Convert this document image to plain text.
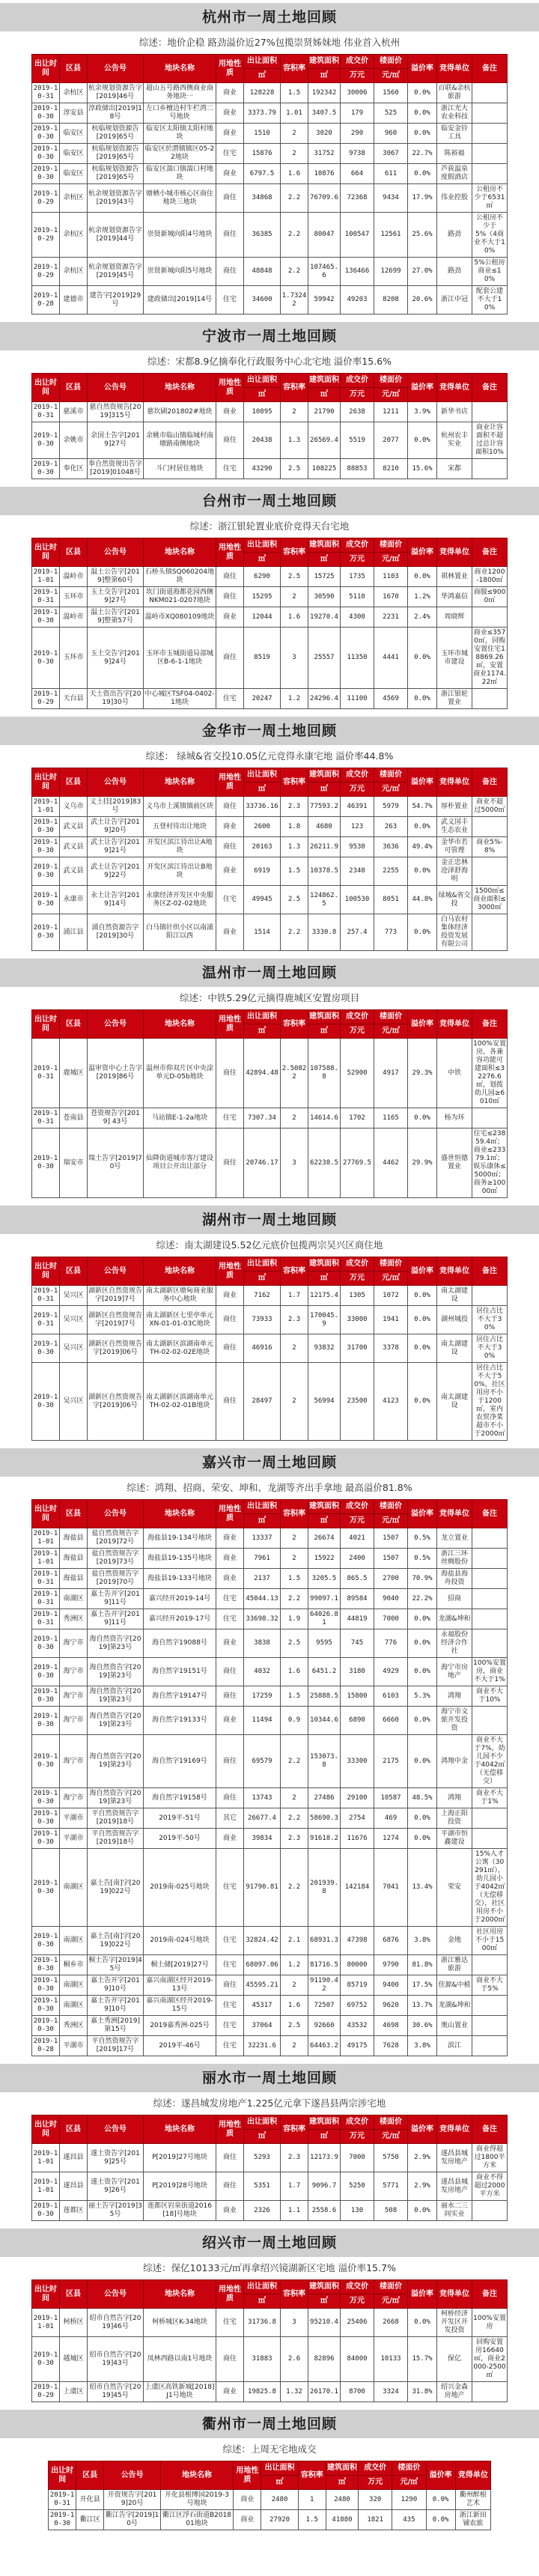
杭州市一周土地回顾
综述：地价企稳 路劲溢价近27%包揽崇贤姊妹地 伟业首入杭州
出让时间	区县	公告号	地块名称	用地性质	出让面积	容积率	建筑面积	成交价	楼面价	溢价率	竞得单位	备注
					㎡		㎡	万元	元/㎡			
2019-10-31	余杭区	杭余规划资源告字[2019]46号	超山五号路西侧商业商务地块一	商业	128228	1.5	192342	30006	1560	0.0%	百联&余杭旅游	
2019-10-30	淳安县	淳政储出[2019]18号	左口乡檀边村牛栏湾二号地块	商业	3373.79	1.01	3407.5	179	525	0.0%	浙江光大农业科技	
2019-10-30	临安区	杭临规划资源告[2019]65号	临安区太阳镇太阳村地块	商业	1510	2	3020	290	960	0.0%	临安金铃工具	
2019-10-30	临安区	杭临规划资源告[2019]65号	临安区於潜镇镇区05-22地块	住宅	15876	2	31752	9738	3067	22.7%	陈裕福	
2019-10-30	临安区	杭临规划资源告[2019]65号	临安区湍口镇湍口村地块	商业	6797.5	1.6	10876	664	611	0.0%	芦荻温泉度假酒店	
2019-10-29	余杭区	杭余规划资源告字[2019]43号	塘栖小城市核心区商住地块三地块	商住	34868	2.2	76709.6	72368	9434	17.9%	伟业控股	公租房不少于6531㎡
2019-10-29	余杭区	杭余规划资源告字[2019]44号	崇贤新城向阳4号地块	商住	36385	2.2	80047	100547	12561	25.6%	路劲	公租房不少于5%（4商业不大于10%
2019-10-29	余杭区	杭余规划资源告字[2019]45号	崇贤新城向阳5号地块	商住	48848	2.2	107465.6	136466	12699	27.0%	路劲	5%公租房商业≤10%
2019-10-28	建德市	建告字[2019]29号	建政储出[2019]14号	住宅	34600	1.73242	59942	49203	8208	20.6%	浙江中冠	配套公建不大于10%
宁波市一周土地回顾
综述：宋都8.9亿摘奉化行政服务中心北宅地 溢价率15.6%
出让时间	区县	公告号	地块名称	用地性质	出让面积	容积率	建筑面积	成交价	楼面价	溢价率	竞得单位	备注
					㎡		㎡	万元	元/㎡			
2019-10-31	慈溪市	慈自然资规告[2019]315号	慈坎刷201802#地块	商业	10895	2	21790	2638	1211	3.9%	新华书店	
2019-10-30	余姚市	余国土告字[2019]27号	余姚市临山镇临城村南塘路南侧地块	商住	20438	1.3	26569.4	5519	2077	0.0%	杭州农丰实业	商业计容面积不超过总计容面积10%
2019-10-30	奉化区	奉自然资规出告字[2019]01048号	斗门村居住地块	住宅	43290	2.5	108225	88853	8210	15.6%	宋都	
台州市一周土地回顾
综述：浙江银轮置业底价竞得天台宅地
出让时间	区县	公告号	地块名称	用地性质	出让面积	容积率	建筑面积	成交价	楼面价	溢价率	竞得单位	备注
					㎡		㎡	万元	元/㎡			
2019-11-01	温岭市	温土公告字[2019]整第60号	石桥头镇SQ060204地块	商住	6290	2.5	15725	1735	1103	0.0%	祺林置业	商业1200-1800㎡
2019-10-31	玉环市	玉土交告字[2019]27号	坎门街道海都花园西侧NKM021-0207地块	商住	15295	2	30590	5110	1670	1.2%	华鸿嘉信	商服≤9000㎡
2019-10-30	温岭市	温土公告字[2019]整第57号	温岭市XQ080109地块	商业	12044	1.6	19270.4	4300	2231	2.4%	周晓辉	
2019-10-30	玉环市	玉土交告字[2019]24号	玉环市玉城街道局部城区B-6-1-1地块	商住	8519	3	25557	11350	4441	0.0%	玉环市城市建设	商业≤3570㎡，回购安置住宅18869.26㎡，安置商业1174.22㎡
2019-10-29	天台县	天土资出告字[2019]30号	中心城区TSF04-0402-1地块	住宅	20247	1.2	24296.4	11100	4569	0.0%	浙江银轮置业	
金华市一周土地回顾
综述： 绿城&省交投10.05亿元竞得永康宅地 溢价率44.8%
出让时间	区县	公告号	地块名称	用地性质	出让面积	容积率	建筑面积	成交价	楼面价	溢价率	竞得单位	备注
					㎡		㎡	万元	元/㎡			
2019-11-01	义乌市	义土挂[2019]83号	义乌市上溪镇镇前区块	商住	33736.16	2.3	77593.2	46391	5979	54.7%	厚朴置业	商业不超过5000㎡
2019-10-30	武义县	武土让告字[2019]20号	五登村待出让地块	商业	2600	1.8	4680	123	263	0.0%	武义国丰生态农业	
2019-10-30	武义县	武土让告字[2019]21号	开发区滨江待出让A地块	商住	20163	1.3	26211.9	9530	3636	49.4%	金华市若可管理	商业5%-8%
2019-10-30	武义县	武土让告字[2019]22号	开发区滨江待出让B地块	商业	6919	1.5	10378.5	2340	2255	0.0%	金正忠林沧泽舒海明	
2019-10-30	永康市	永土让告字[2019]14号	永康经济开发区中央服务区Z-02-02地块	住宅	49945	2.5	124862.5	100530	8051	44.8%	绿城&省交投	1500㎡≤商业面积≤3000㎡
2019-10-30	浦江县	浦自然资源告字[2019]30号	白马镇针织小区以南浦阳江以西	商业	1514	2.2	3330.8	257.4	773	0.0%	白马农村集体经济投资发展有限公司	
温州市一周土地回顾
综述：中铁5.29亿元摘得鹿城区安置房项目
出让时间	区县	公告号	地块名称	用地性质	出让面积	容积率	建筑面积	成交价	楼面价	溢价率	竞得单位	备注
					㎡		㎡	万元	元/㎡			
2019-10-31	鹿城区	温审资中心土告字[2019]86号	温州市仰双片区中央涂单元D-05b地块	商住	42894.48	2.50822	107588.8	52900	4917	29.3%	中铁	100%安置房，各兼容功能可建面积≤32276.6㎡，划拨幼儿园≥6010㎡
2019-10-31	苍南县	苍资规告字[2019] 43号	马站镇E-1-2a地块	住宅	7307.34	2	14614.6	1702	1165	0.0%	杨为环	
2019-10-30	瑞安市	瑞土告字[2019]70号	仙降街道城市客厅建设项目公开出让部分	商住	20746.17	3	62238.5	27769.5	4462	29.9%	盛世恒德置业	住宅≤23859.4㎡；商业≤23379.1㎡；娱乐康体≤5000㎡；商务≥10000㎡
湖州市一周土地回顾
综述：南太湖建设5.52亿元底价包揽两宗吴兴区商住地
出让时间	区县	公告号	地块名称	用地性质	出让面积	容积率	建筑面积	成交价	楼面价	溢价率	竞得单位	备注
					㎡		㎡	万元	元/㎡			
2019-10-31	吴兴区	湖新区自然资规告字[2019]7号	南太湖新区塘甸商业服务中心地块	商业	7162	1.7	12175.4	1305	1072	0.0%	南太湖建设	
2019-10-31	吴兴区	湖新区自然资规告字[2019]7号	南太湖新区七里亭单元XN-01-01-03C地块	商住	73933	2.3	170045.9	33000	1941	0.0%	湖州城投	居住占比不大于30%
2019-10-30	吴兴区	湖新区自然资规告字[2019]06号	南太湖新区滨湖南单元TH-02-02-02E地块	商住	46916	2	93832	31700	3378	0.0%	南太湖建设	居住占比不大于30%
2019-10-30	吴兴区	湖新区自然资规告字[2019]06号	南太湖新区滨湖南单元TH-02-02-01B地块	商住	28497	2	56994	23500	4123	0.0%	南太湖建设	居住占比不大于50%，社区用房不小于1200㎡，室内农贸净菜超市不小于2000㎡
嘉兴市一周土地回顾
综述：鸿翔、招商、荣安、坤和、龙湖等齐出手拿地 最高溢价81.8%
出让时间	区县	公告号	地块名称	用地性质	出让面积	容积率	建筑面积	成交价	楼面价	溢价率	竞得单位	备注
					㎡		㎡	万元	元/㎡			
2019-11-01	海盐县	盐自然资规告字[2019]72号	海盐县19-134号地块	商业	13337	2	26674	4021	1507	0.5%	龙立置业	
2019-11-01	海盐县	盐自然资规告字[2019]73号	海盐县19-135号地块	商业	7961	2	15922	2400	1507	0.5%	浙江三环丝绸股份	
2019-10-31	海盐县	盐自然资规告字[2019]70号	海盐县19-133号地块	商业	2137	1.5	3205.5	865.5	2700	70.9%	海盐县海舟投资	
2019-10-31	南湖区	嘉土告开字[2019]11号	嘉兴经开2019-14号	住宅	45044.13	2.2	99097.1	89584	9040	22.2%	招商	
2019-10-31	秀洲区	嘉土告开字[2019]11号	嘉兴经开2019-17号	住宅	33698.32	1.9	64026.81	44819	7000	0.0%	龙湖&坤和	
2019-10-30	海宁市	海自然资告字[2019]第23号	海自然字19088号	商业	3838	2.5	9595	745	776	0.0%	永福股份经济合作社	
2019-10-30	海宁市	海自然资告字[2019]第23号	海自然字19151号	商住	4032	1.6	6451.2	3180	4929	0.0%	海宁市房地产	100%安置房，商业不大于1%
2019-10-30	海宁市	海自然资告字[2019]第23号	海自然字19147号	商住	17259	1.5	25888.5	15800	6103	5.3%	鸿翔	商业不大于10%
2019-10-30	海宁市	海自然资告字[2019]第23号	海自然字19133号	商业	11494	0.9	10344.6	6890	6660	0.0%	海宁市文旅开发投资	
2019-10-30	海宁市	海自然资告字[2019]第23号	海自然字19169号	商住	69579	2.2	153073.8	33300	2175	0.0%	鸿翔中金	商业不大于7%，幼儿园不少于4042㎡（无偿移交）
2019-10-30	海宁市	海自然资告字[2019]第23号	海自然字19158号	商住	13743	2	27486	29100	10587	48.5%	鸿翔	商业不大于1%
2019-10-30	平湖市	平自然资规告字[2019]18号	2019平-51号	其它	26677.4	2.2	58690.3	2754	469	0.0%	上海正阳投资	
2019-10-30	平湖市	平自然资规告字[2019]18号	2019平-50号	商业	39834	2.3	91618.2	11676	1274	0.0%	平湖市恒鑫建设	
2019-10-30	南湖区	嘉土告[南]字[2019]022号	2019南-025号地块	住宅	91790.81	2.2	201939.8	142184	7041	13.4%	荣安	15%人才公寓（30291㎡），幼儿园小于4042㎡（无偿移交），社区用房不小于2000㎡
2019-10-30	南湖区	嘉土告[南]字[2019]022号	2019南-024号地块	住宅	32824.42	2.1	68931.3	47398	6876	3.8%	金地	社区用房不小于1500㎡
2019-10-30	桐乡市	桐土告字[2019]45号	桐土储[2019]27号	住宅	68097.06	1.2	81716.5	80000	9790	81.8%	浙江雅达旅游	
2019-10-30	南湖区	嘉土告开字[2019]10号	嘉兴南湖区经开2019-13号	商住	45595.21	2	91190.42	85719	9400	17.5%	佳源&中植	商业不大于5%
2019-10-30	南湖区	嘉土告开字[2019]10号	嘉兴南湖区经开2019-15号	住宅	45317	1.6	72507	69752	9620	13.7%	龙湖&坤和	
2019-10-30	秀洲区	嘉土秀洲[2019]第15号	2019嘉秀洲-025号	住宅	37064	2.5	92660	43532	4698	30.6%	奥山置业	
2019-10-28	平湖市	平自然资规告字[2019]17号	2019平-46号	住宅	32231.6	2	64463.2	49175	7628	3.8%	滨江	
丽水市一周土地回顾
综述：遂昌城发房地产1.225亿元拿下遂昌县两宗涉宅地
出让时间	区县	公告号	地块名称	用地性质	出让面积	容积率	建筑面积	成交价	楼面价	溢价率	竞得单位	备注
					㎡		㎡	万元	元/㎡			
2019-11-01	遂昌县	遂土资告字[2019]25号	P[2019]27号地块	商住	5293	2.3	12173.9	7000	5750	2.9%	遂昌县城发房地产	商业得超过1800平方米
2019-11-01	遂昌县	遂土资告字[2019]26号	P[2019]28号地块	商住	5351	1.7	9096.7	5250	5771	2.9%	遂昌县城发房地产	商业不得超过2000平方米
2019-10-30	莲都区	丽土告字[2019]35号	莲都区岩泉街道2016[18]号地块	商业	2326	1.1	2558.6	130	508	0.0%	丽水二三间实业	
绍兴市一周土地回顾
综述：保亿10133元/㎡再拿绍兴镜湖新区宅地 溢价率15.7%
出让时间	区县	公告号	地块名称	用地性质	出让面积	容积率	建筑面积	成交价	楼面价	溢价率	竞得单位	备注
					㎡		㎡	万元	元/㎡			
2019-11-01	柯桥区	绍市自然告字[2019]46号	柯桥城区K-34地块	住宅	31736.8	3	95210.4	25406	2668	0.0%	柯桥经济开发区开发投资	100%安置房
2019-10-30	越城区	绍市自然告字[2019]43号	凤林西路以南1号地块	商住	31883	2.6	82896	84000	10133	15.7%	保亿	回购安置房16640㎡，商业2000-2500㎡
2019-10-29	上虞区	绍市自然告字[2019]45号	上虞区高铁新城[2018]J1号地块	商业	19825.8	1.32	26170.1	8700	3324	31.8%	绍兴金森房地产	
衢州市一周土地回顾
综述：上周无宅地成交
出让时间	区县	公告号	地块名称	用地性质	出让面积	容积率	建筑面积	成交价	楼面价	溢价率	竞得单位
					㎡		㎡	万元	元/㎡		
2019-10-31	开化县	开资规告字[2019]20号	开化县根博园2019-3号地块	商业	2480	1	2480	320	1290	0.0%	衢州醉根艺术
2019-10-30	衢江区	衢江告字[2019]10号	衢江区浮石街道B201801地块	商业	27920	1.5	41880	1821	435	0.0%	浙江新田铺农旅
